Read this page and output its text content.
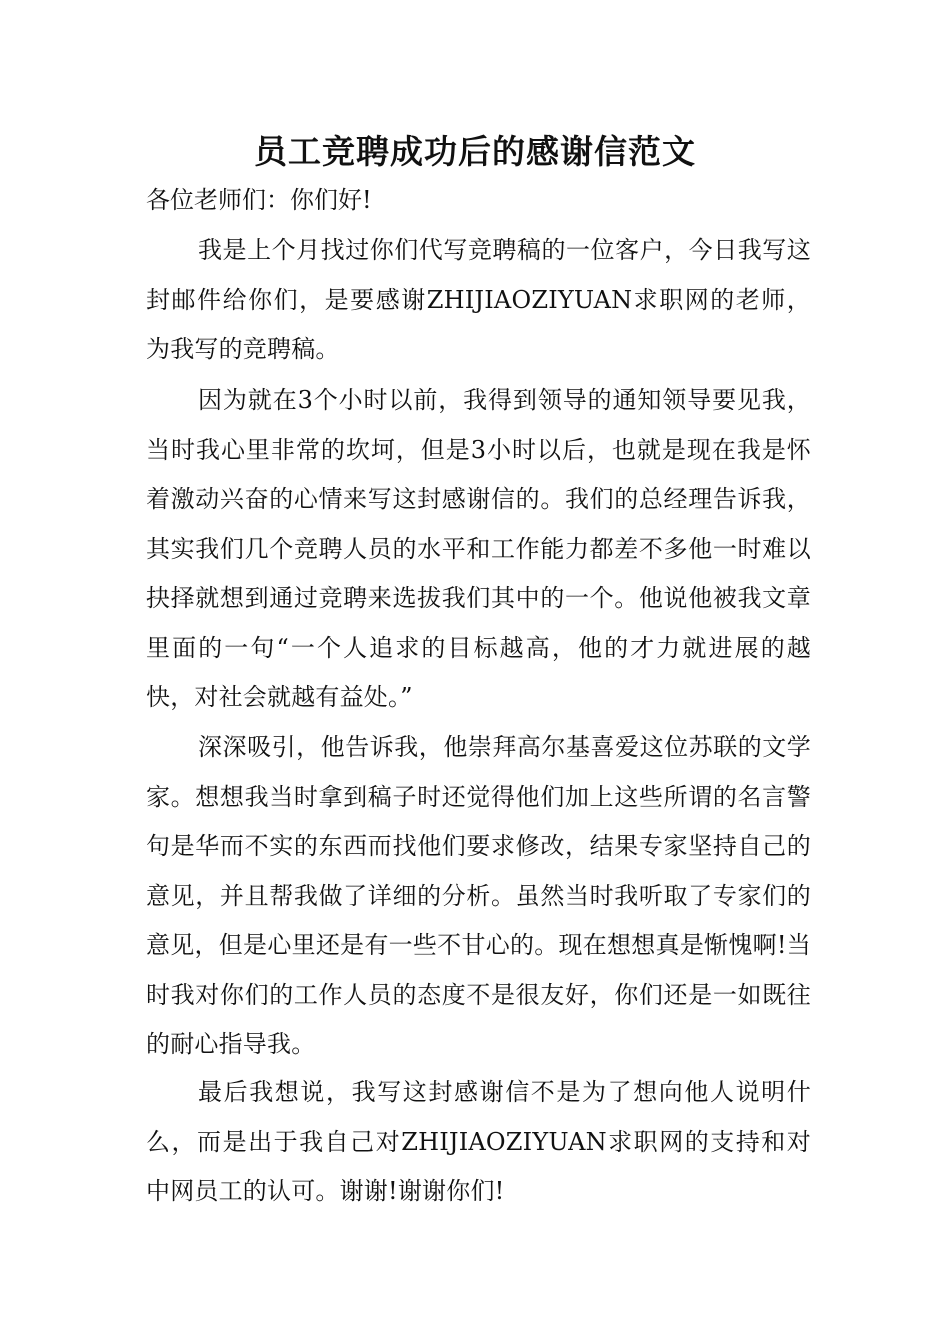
员工竞聘成功后的感谢信范文
各位老师们：你们好!
我是上个月找过你们代写竞聘稿的一位客户，今日我写这封邮件给你们，是要感谢ZHIJIAOZIYUAN求职网的老师，为我写的竞聘稿。
因为就在3个小时以前，我得到领导的通知领导要见我，当时我心里非常的坎坷，但是3小时以后，也就是现在我是怀着激动兴奋的心情来写这封感谢信的。我们的总经理告诉我，其实我们几个竞聘人员的水平和工作能力都差不多他一时难以抉择就想到通过竞聘来选拔我们其中的一个。他说他被我文章里面的一句“一个人追求的目标越高，他的才力就进展的越快，对社会就越有益处。”
深深吸引，他告诉我，他崇拜高尔基喜爱这位苏联的文学家。想想我当时拿到稿子时还觉得他们加上这些所谓的名言警句是华而不实的东西而找他们要求修改，结果专家坚持自己的意见，并且帮我做了详细的分析。虽然当时我听取了专家们的意见，但是心里还是有一些不甘心的。现在想想真是惭愧啊!当时我对你们的工作人员的态度不是很友好，你们还是一如既往的耐心指导我。
最后我想说，我写这封感谢信不是为了想向他人说明什么，而是出于我自己对ZHIJIAOZIYUAN求职网的支持和对中网员工的认可。谢谢!谢谢你们!
